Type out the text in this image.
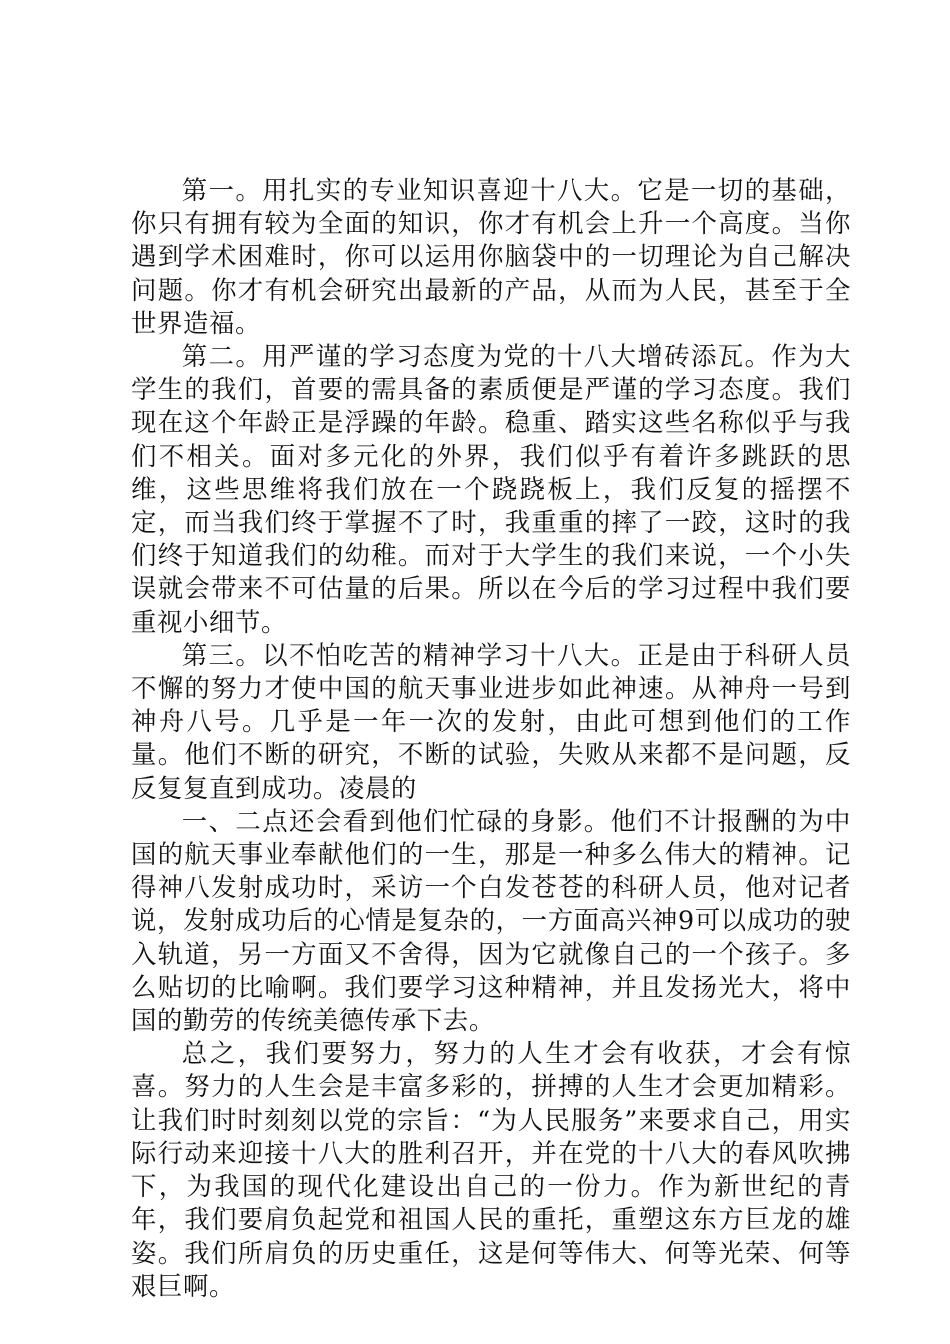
第一。用扎实的专业知识喜迎十八大。它是一切的基础，你只有拥有较为全面的知识，你才有机会上升一个高度。当你遇到学术困难时，你可以运用你脑袋中的一切理论为自己解决问题。你才有机会研究出最新的产品，从而为人民，甚至于全世界造福。

第二。用严谨的学习态度为党的十八大增砖添瓦。作为大学生的我们，首要的需具备的素质便是严谨的学习态度。我们现在这个年龄正是浮躁的年龄。稳重、踏实这些名称似乎与我们不相关。面对多元化的外界，我们似乎有着许多跳跃的思维，这些思维将我们放在一个跷跷板上，我们反复的摇摆不定，而当我们终于掌握不了时，我重重的摔了一跤，这时的我们终于知道我们的幼稚。而对于大学生的我们来说，一个小失误就会带来不可估量的后果。所以在今后的学习过程中我们要重视小细节。

第三。以不怕吃苦的精神学习十八大。正是由于科研人员不懈的努力才使中国的航天事业进步如此神速。从神舟一号到神舟八号。几乎是一年一次的发射，由此可想到他们的工作量。他们不断的研究，不断的试验，失败从来都不是问题，反反复复直到成功。凌晨的

一、二点还会看到他们忙碌的身影。他们不计报酬的为中国的航天事业奉献他们的一生，那是一种多么伟大的精神。记得神八发射成功时，采访一个白发苍苍的科研人员，他对记者说，发射成功后的心情是复杂的，一方面高兴神9可以成功的驶入轨道，另一方面又不舍得，因为它就像自己的一个孩子。多么贴切的比喻啊。我们要学习这种精神，并且发扬光大，将中国的勤劳的传统美德传承下去。

总之，我们要努力，努力的人生才会有收获，才会有惊喜。努力的人生会是丰富多彩的，拼搏的人生才会更加精彩。让我们时时刻刻以党的宗旨：“为人民服务”来要求自己，用实际行动来迎接十八大的胜利召开，并在党的十八大的春风吹拂下，为我国的现代化建设出自己的一份力。作为新世纪的青年，我们要肩负起党和祖国人民的重托，重塑这东方巨龙的雄姿。我们所肩负的历史重任，这是何等伟大、何等光荣、何等艰巨啊。
